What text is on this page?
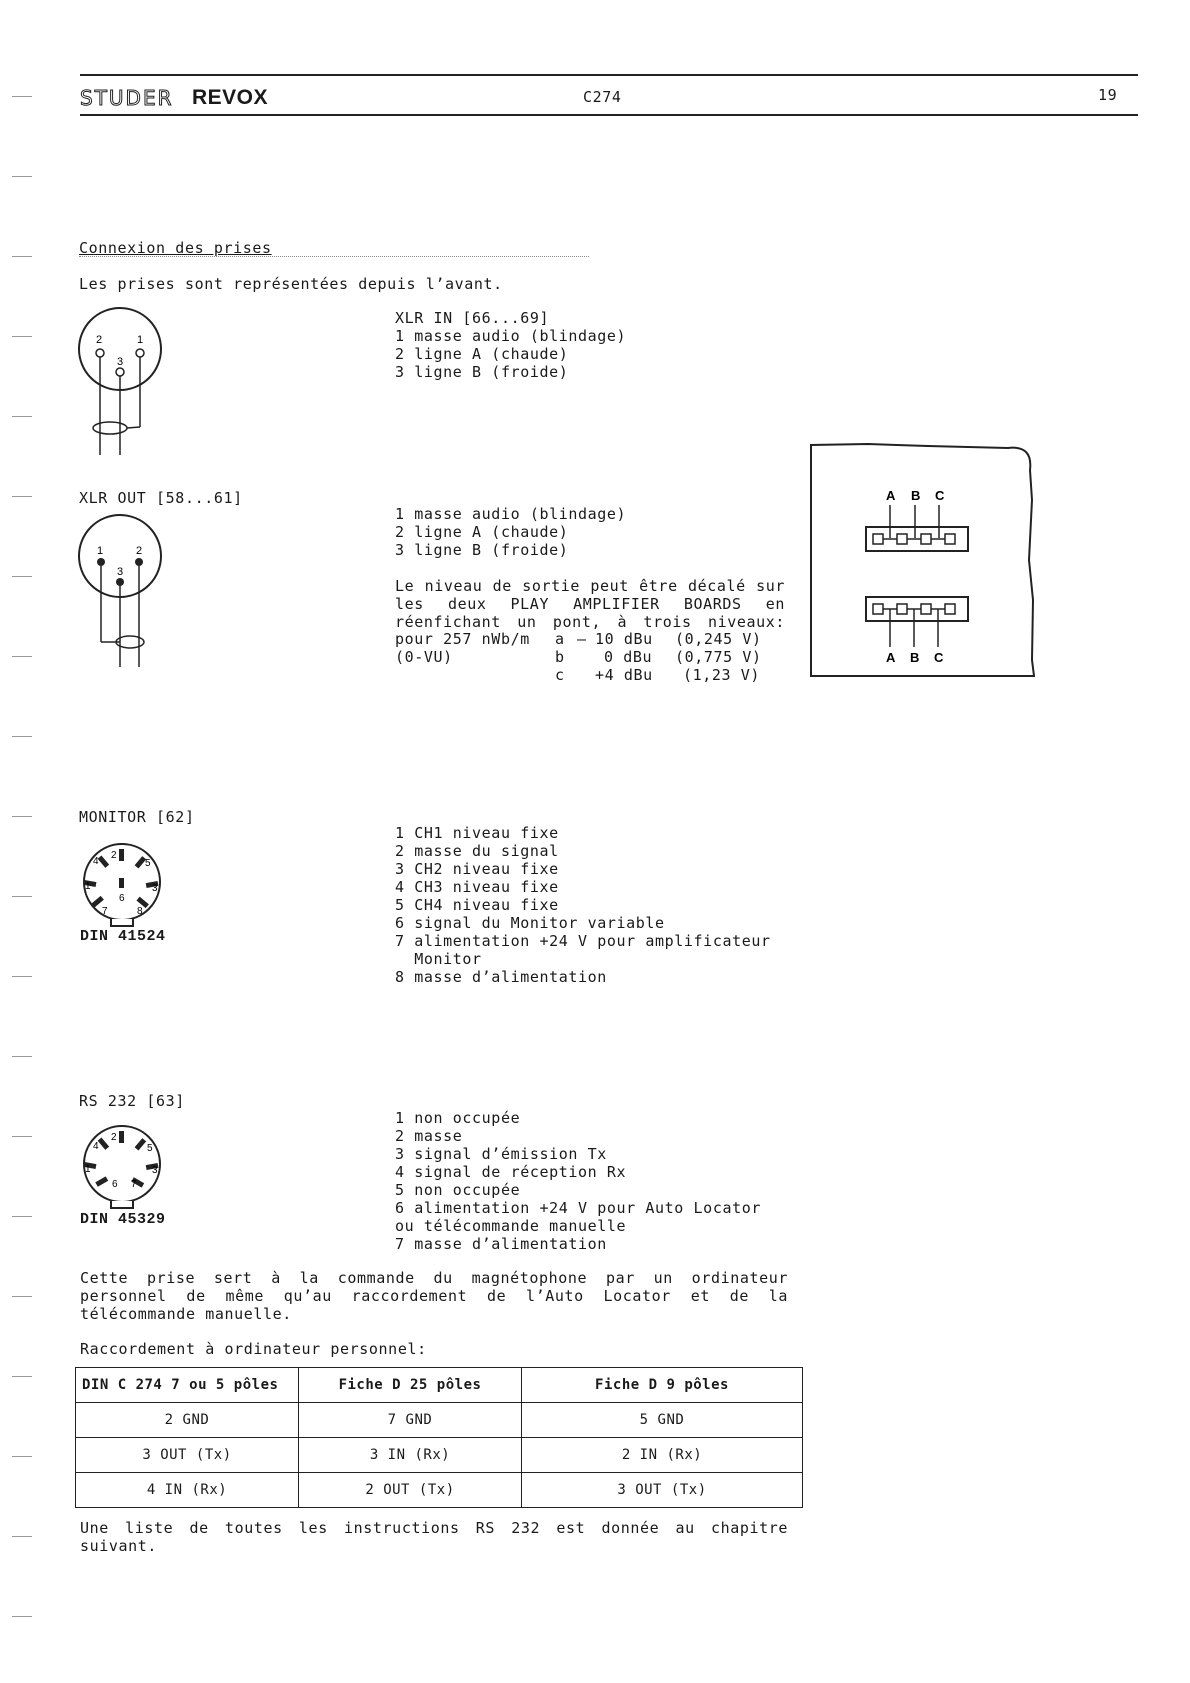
STUDER REVOX	C274	19
Connexion des prises
Les prises sont représentées depuis l’avant.
2	1
3
XLR IN [66...69]
1 masse audio (blindage)
2 ligne A (chaude)
3 ligne B (froide)
XLR OUT [58...61]
1	2
3
1 masse audio (blindage)
2 ligne A (chaude)
3 ligne B (froide)
Le niveau de sortie peut être décalé sur les deux PLAY AMPLIFIER BOARDS en réenfichant un pont, à trois niveaux:
pour 257 nWb/m a – 10 dBu (0,245 V)
(0-VU)	b	0 dBu (0,775 V)
c +4 dBu (1,23 V)
A B C
A B C
MONITOR [62]
1
2
3
4	5
6
7	8
DIN 41524
1 CH1 niveau fixe
2 masse du signal
3 CH2 niveau fixe
4 CH3 niveau fixe
5 CH4 niveau fixe
6 signal du Monitor variable
7 alimentation +24 V pour amplificateur
Monitor
8 masse d’alimentation
RS 232 [63]
1
2
3
4	5
6 7
DIN 45329
1 non occupée
2 masse
3 signal d’émission Tx
4 signal de réception Rx
5 non occupée
6 alimentation +24 V pour Auto Locator
ou télécommande manuelle
7 masse d’alimentation
Cette prise sert à la commande du magnétophone par un ordinateur personnel de même qu’au raccordement de l’Auto Locator et de la télécommande manuelle.
Raccordement à ordinateur personnel:
DIN C 274 7 ou 5 pôles	Fiche D 25 pôles	Fiche D 9 pôles
2 GND	7 GND	5 GND
3 OUT (Tx)	3 IN (Rx)	2 IN (Rx)
4 IN (Rx)	2 OUT (Tx)	3 OUT (Tx)
Une liste de toutes les instructions RS 232 est donnée au chapitre suivant.
